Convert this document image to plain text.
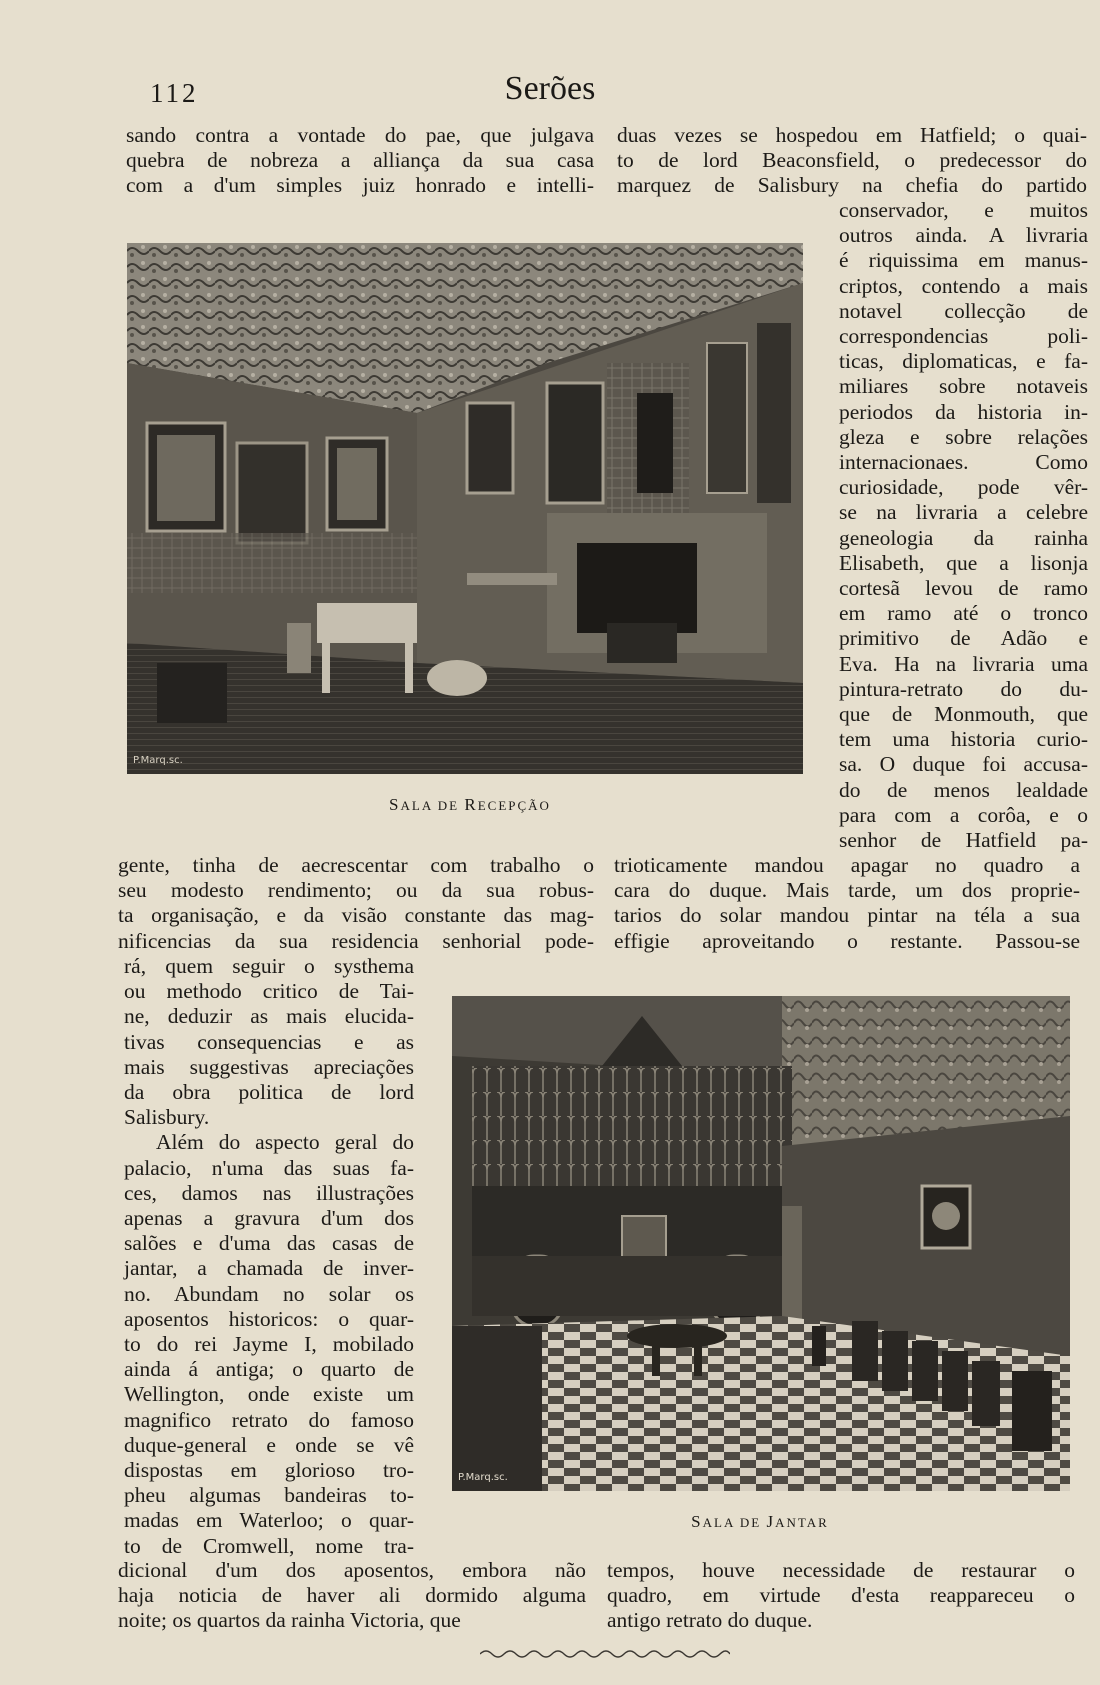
112	Serões

sando contra a vontade do pae, que julgava

quebra de nobreza a alliança da sua casa

com a d'um simples juiz honrado e intelli-

duas vezes se hospedou em Hatfield; o quai-

to de lord Beaconsfield, o predecessor do

marquez de Salisbury na chefia do partido

P.Marq.sc.
SALA DE RECEPÇÃO

conservador, e muitos

outros ainda. A livraria

é riquissima em manus-

criptos, contendo a mais

notavel collecção de

correspondencias poli-

ticas, diplomaticas, e fa-

miliares sobre notaveis

periodos da historia in-

gleza e sobre relações

internacionaes. Como

curiosidade, pode vêr-

se na livraria a celebre

geneologia da rainha

Elisabeth, que a lisonja

cortesã levou de ramo

em ramo até o tronco

primitivo de Adão e

Eva. Ha na livraria uma

pintura-retrato do du-

que de Monmouth, que

tem uma historia curio-

sa. O duque foi accusa-

do de menos lealdade

para com a corôa, e o

senhor de Hatfield pa-

gente, tinha de aecrescentar com trabalho o

seu modesto rendimento; ou da sua robus-

ta organisação, e da visão constante das mag-

nificencias da sua residencia senhorial pode-

trioticamente mandou apagar no quadro a

cara do duque. Mais tarde, um dos proprie-

tarios do solar mandou pintar na téla a sua

effigie aproveitando o restante. Passou-se

rá, quem seguir o systhema

ou methodo critico de Tai-

ne, deduzir as mais elucida-

tivas consequencias e as

mais suggestivas apreciações

da obra politica de lord

Salisbury.

Além do aspecto geral do

palacio, n'uma das suas fa-

ces, damos nas illustrações

apenas a gravura d'um dos

salões e d'uma das casas de

jantar, a chamada de inver-

no. Abundam no solar os

aposentos historicos: o quar-

to do rei Jayme I, mobilado

ainda á antiga; o quarto de

Wellington, onde existe um

magnifico retrato do famoso

duque-general e onde se vê

dispostas em glorioso tro-

pheu algumas bandeiras to-

madas em Waterloo; o quar-

to de Cromwell, nome tra-

P.Marq.sc.
SALA DE JANTAR

dicional d'um dos aposentos, embora não

haja noticia de haver ali dormido alguma

noite; os quartos da rainha Victoria, que

tempos, houve necessidade de restaurar o

quadro, em virtude d'esta reappareceu o

antigo retrato do duque.
